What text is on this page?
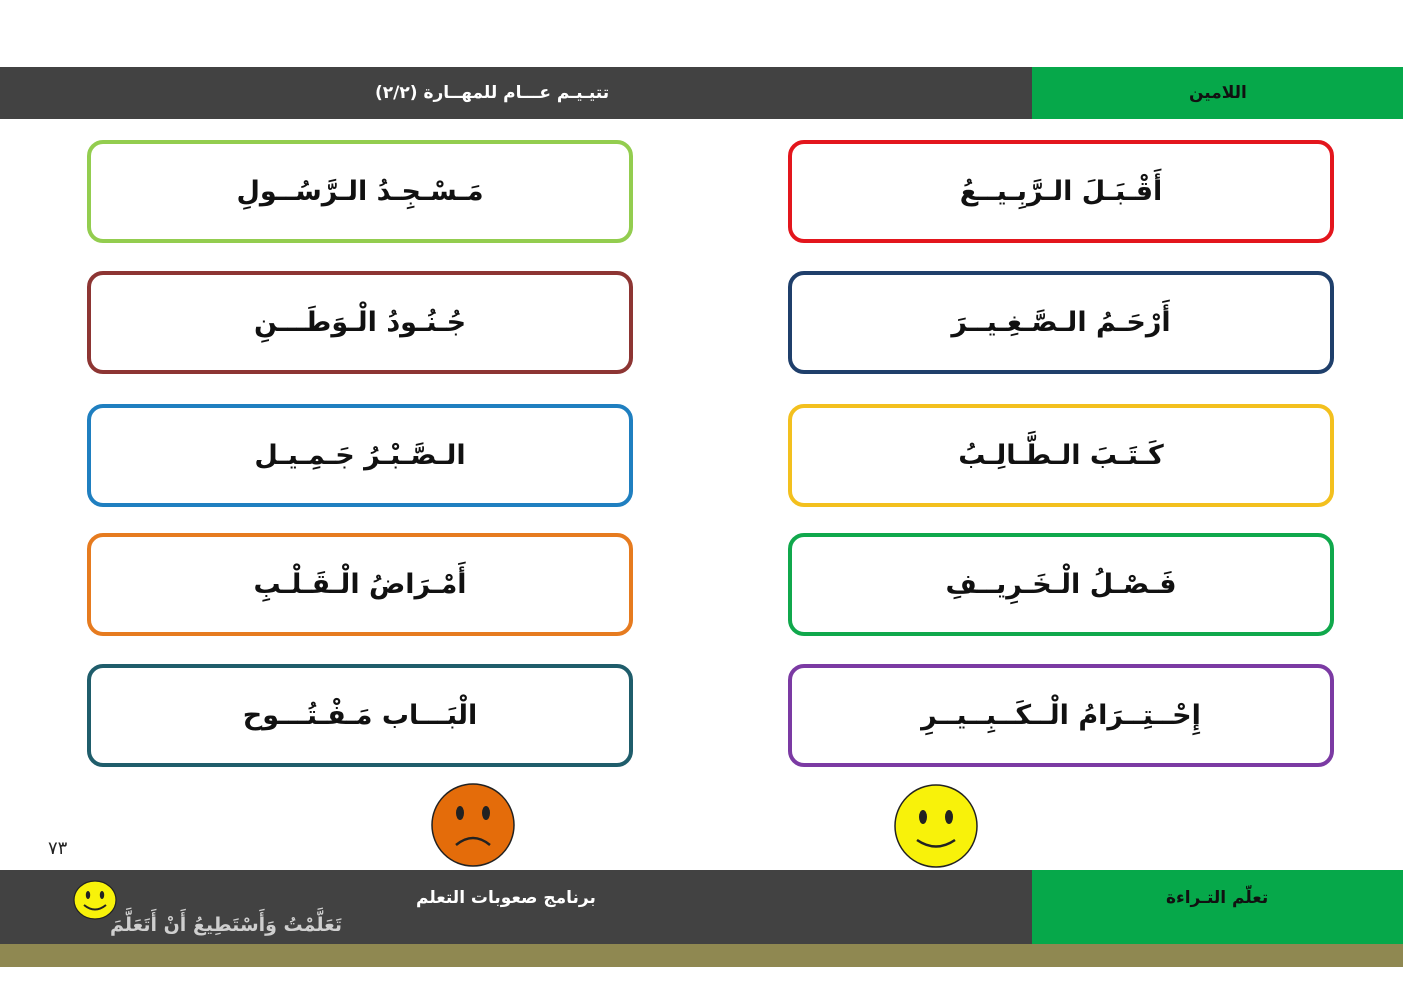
تتيـيـم عـــام للمهــارة (٢/٢)	اللامين
أَقْـبَـلَ الـرَّبِـيــعُ
أَرْحَـمُ الـصَّـغِـيــرَ
كَـتَـبَ الـطَّـالِـبُ
فَـصْـلُ الْـخَـرِيــفِ
إِحْــتِــرَامُ الْــكَــبِــيــرِ
مَـسْـجِـدُ الـرَّسُــولِ
جُـنُـودُ الْـوَطَـــنِ
الـصَّـبْـرُ جَـمِـيـل
أَمْـرَاضُ الْـقَـلْـبِ
الْبَـــاب مَـفْـتُـــوح
٧٣
برنامج صعوبات التعلم
تَعَلَّمْتُ وَأَسْتَطِيعُ أَنْ أَتَعَلَّمَ
تعلّم التـراءة
